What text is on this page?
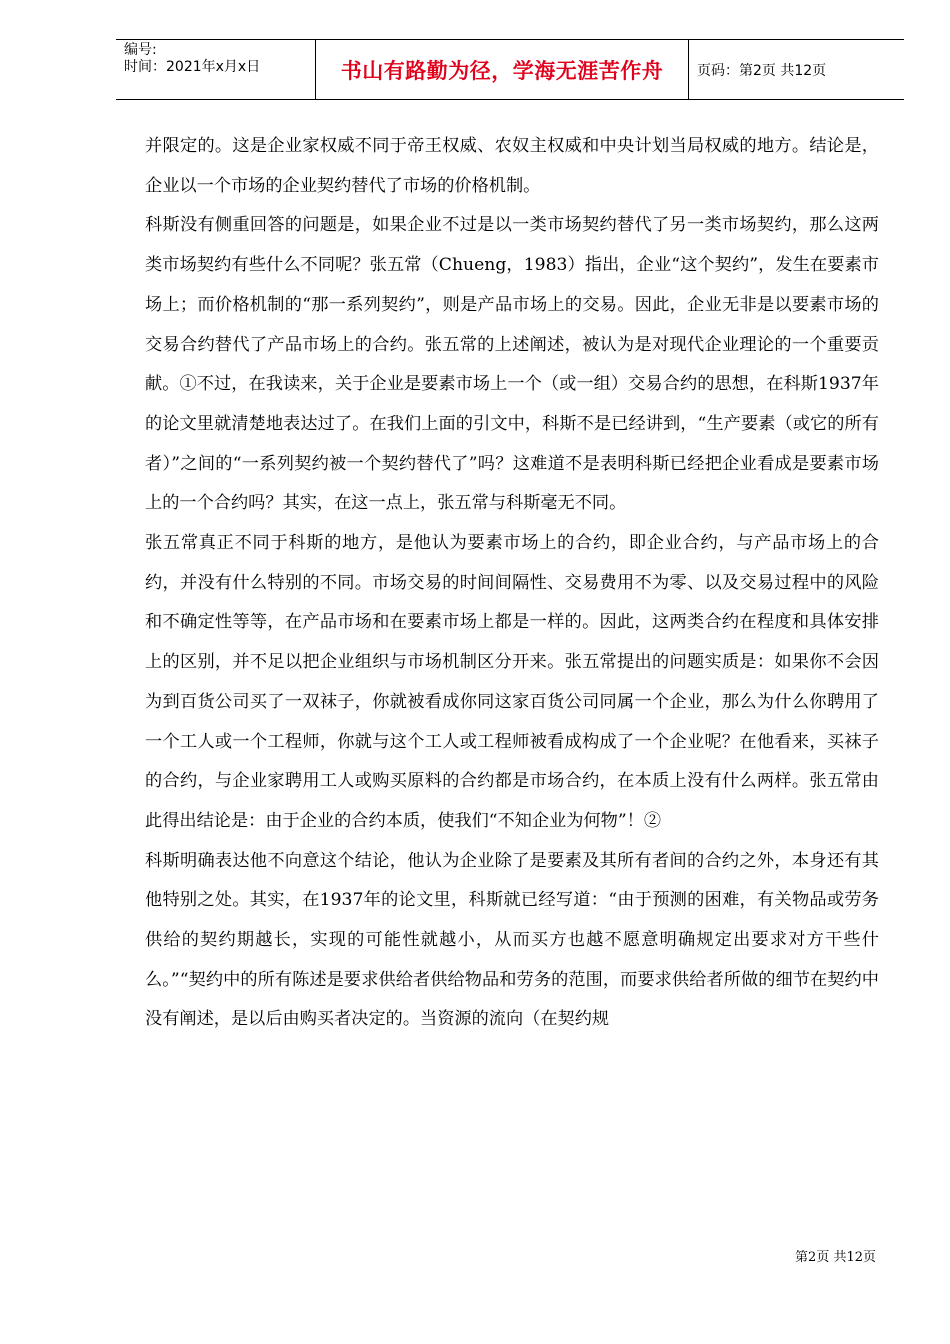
编号:
时间：2021年x月x日	书山有路勤为径，学海无涯苦作舟	页码：第2页 共12页

并限定的。这是企业家权威不同于帝王权威、农奴主权威和中央计划当局权威的地方。结论是，企业以一个市场的企业契约替代了市场的价格机制。

科斯没有侧重回答的问题是，如果企业不过是以一类市场契约替代了另一类市场契约，那么这两类市场契约有些什么不同呢？张五常（Chueng，1983）指出，企业“这个契约”，发生在要素市场上；而价格机制的“那一系列契约”，则是产品市场上的交易。因此，企业无非是以要素市场的交易合约替代了产品市场上的合约。张五常的上述阐述，被认为是对现代企业理论的一个重要贡献。①不过，在我读来，关于企业是要素市场上一个（或一组）交易合约的思想，在科斯1937年的论文里就清楚地表达过了。在我们上面的引文中，科斯不是已经讲到，“生产要素（或它的所有者）”之间的“一系列契约被一个契约替代了”吗？这难道不是表明科斯已经把企业看成是要素市场上的一个合约吗？其实，在这一点上，张五常与科斯毫无不同。

张五常真正不同于科斯的地方，是他认为要素市场上的合约，即企业合约，与产品市场上的合约，并没有什么特别的不同。市场交易的时间间隔性、交易费用不为零、以及交易过程中的风险和不确定性等等，在产品市场和在要素市场上都是一样的。因此，这两类合约在程度和具体安排上的区别，并不足以把企业组织与市场机制区分开来。张五常提出的问题实质是：如果你不会因为到百货公司买了一双袜子，你就被看成你同这家百货公司同属一个企业，那么为什么你聘用了一个工人或一个工程师，你就与这个工人或工程师被看成构成了一个企业呢？在他看来，买袜子的合约，与企业家聘用工人或购买原料的合约都是市场合约，在本质上没有什么两样。张五常由此得出结论是：由于企业的合约本质，使我们“不知企业为何物”！②

科斯明确表达他不向意这个结论，他认为企业除了是要素及其所有者间的合约之外，本身还有其他特别之处。其实，在1937年的论文里，科斯就已经写道：“由于预测的困难，有关物品或劳务供给的契约期越长，实现的可能性就越小，从而买方也越不愿意明确规定出要求对方干些什么。”“契约中的所有陈述是要求供给者供给物品和劳务的范围，而要求供给者所做的细节在契约中没有阐述，是以后由购买者决定的。当资源的流向（在契约规

第2页 共12页
